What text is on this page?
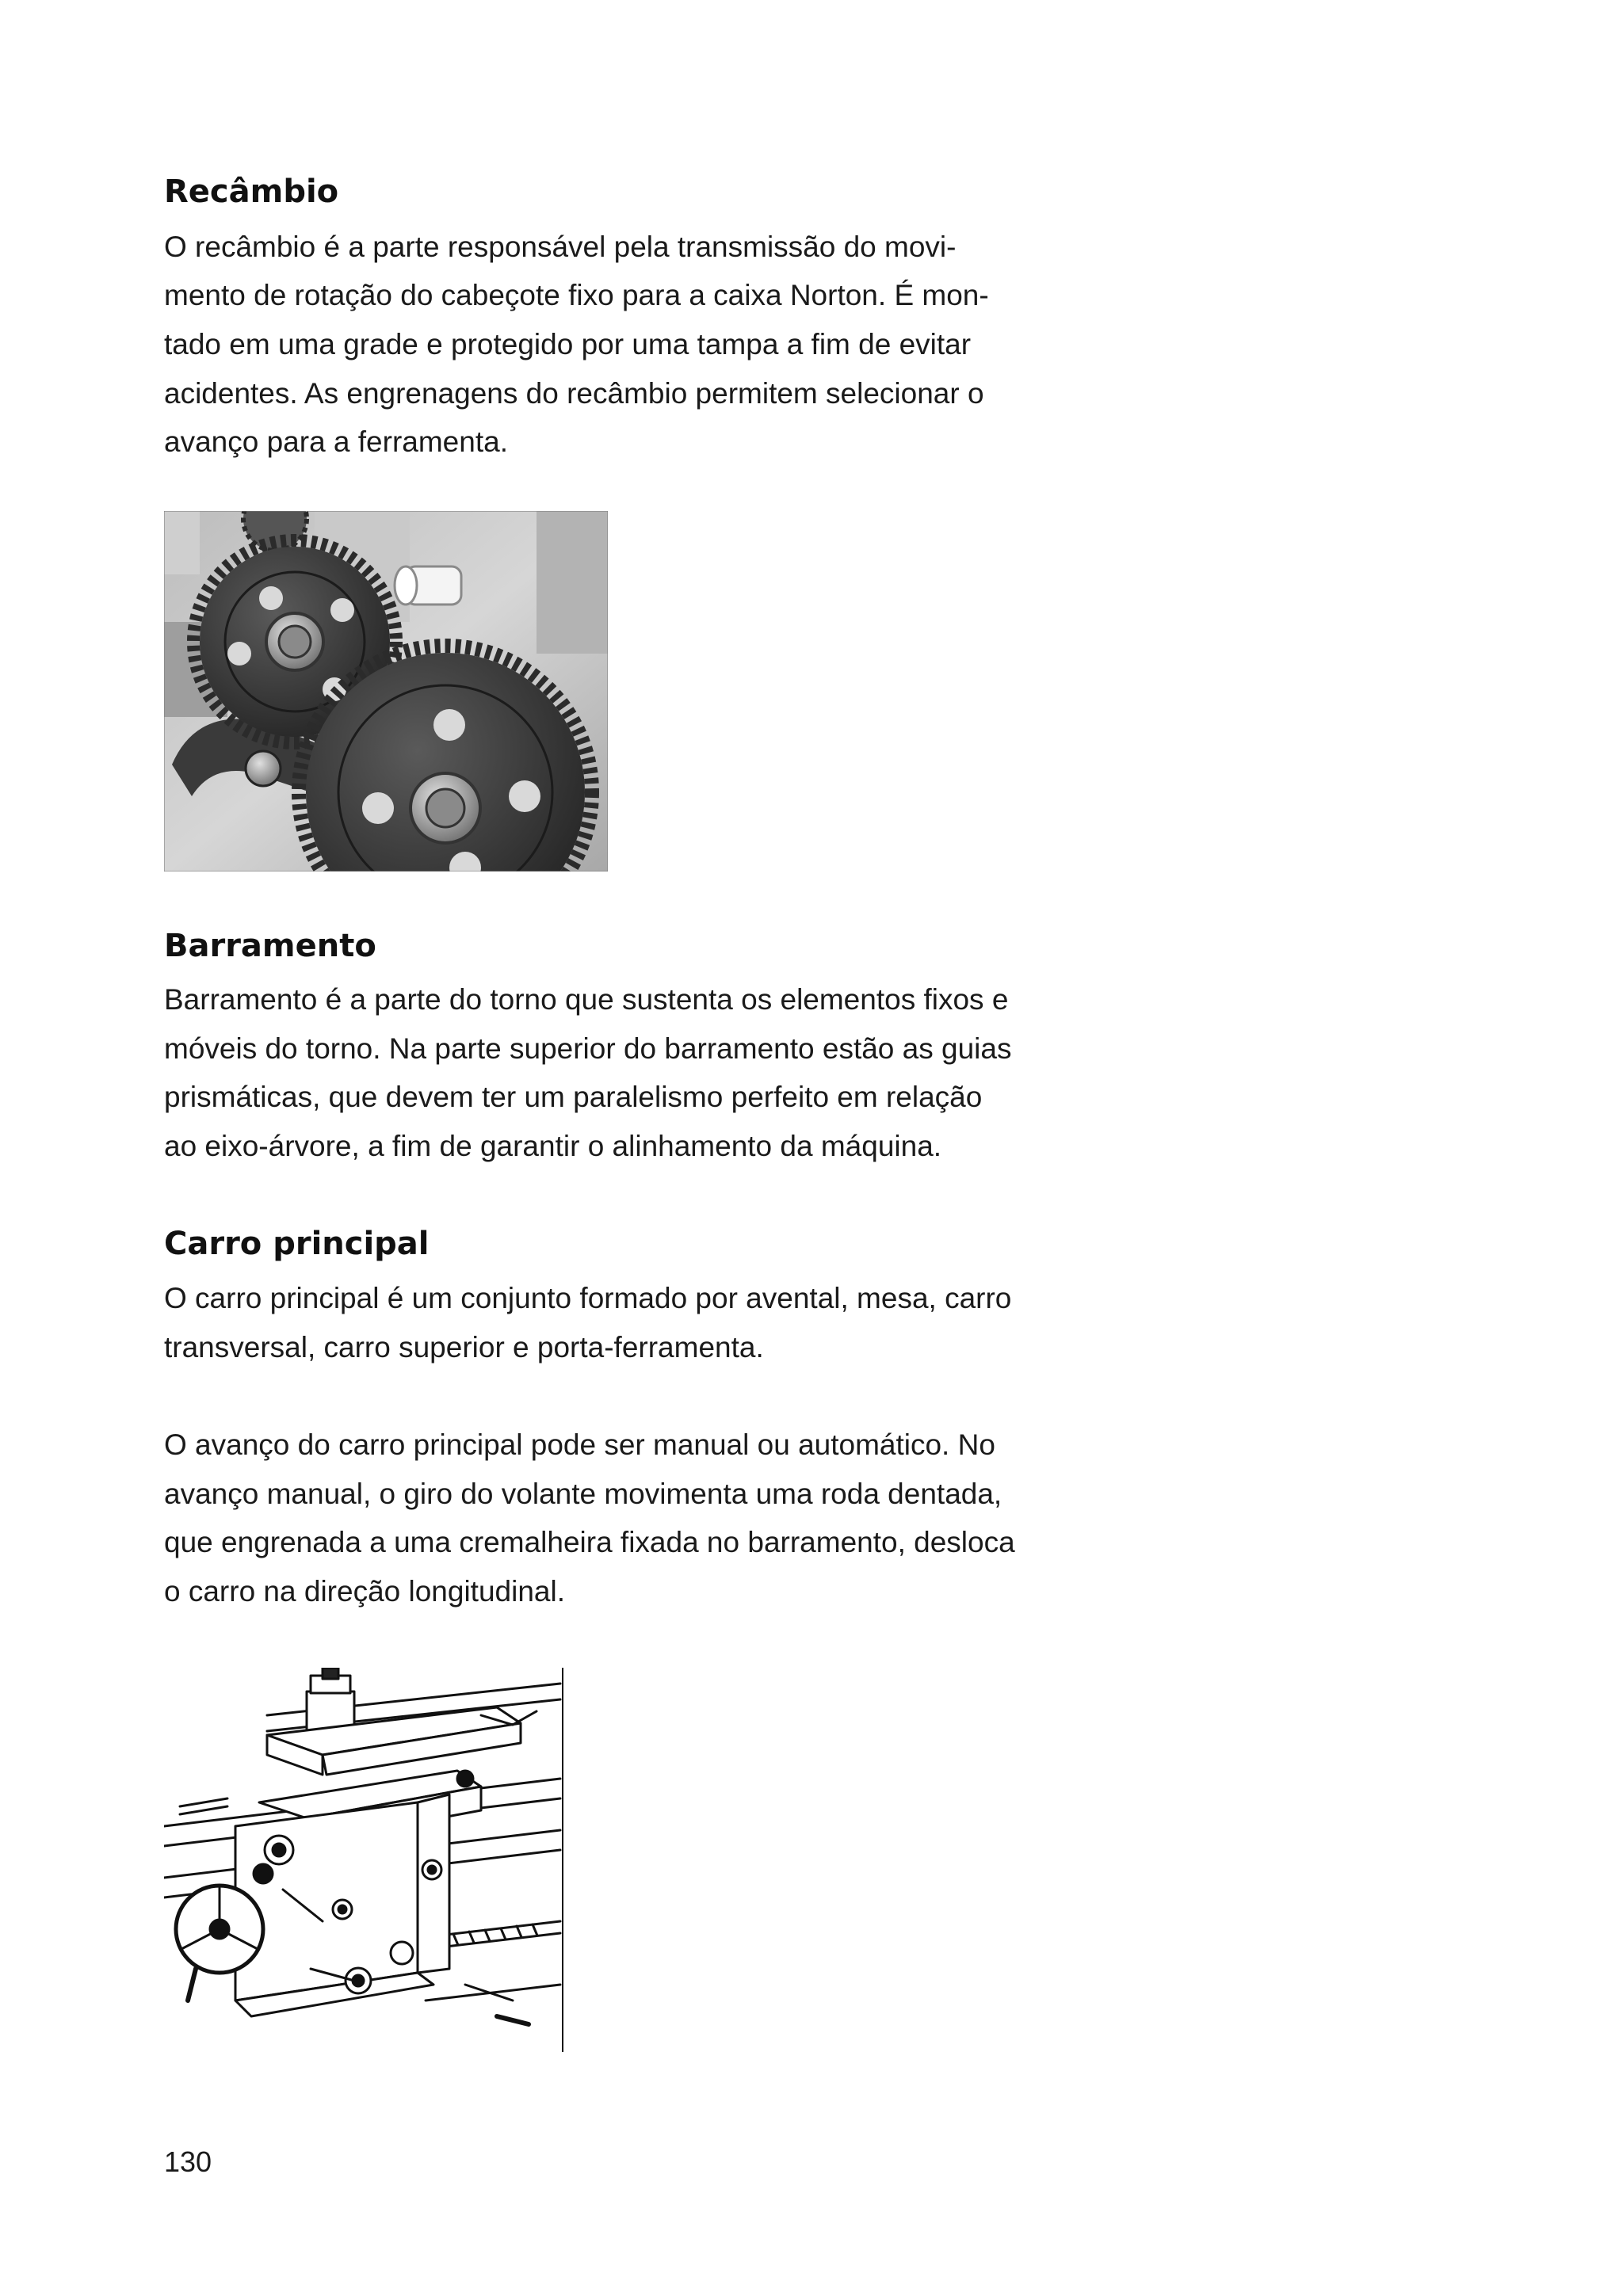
Recâmbio

O recâmbio é a parte responsável pela transmissão do movi-

mento de rotação do cabeçote fixo para a caixa Norton. É mon-

tado em uma grade e protegido por uma tampa a fim de evitar

acidentes. As engrenagens do recâmbio permitem selecionar o

avanço para a ferramenta.

Barramento

Barramento é a parte do torno que sustenta os elementos fixos e

móveis do torno. Na parte superior do barramento estão as guias

prismáticas, que devem ter um paralelismo perfeito em relação

ao eixo-árvore, a fim de garantir o alinhamento da máquina.

Carro principal

O carro principal é um conjunto formado por avental, mesa, carro

transversal, carro superior e porta-ferramenta.

O avanço do carro principal pode ser manual ou automático. No

avanço manual, o giro do volante movimenta uma roda dentada,

que engrenada a uma cremalheira fixada no barramento, desloca

o carro na direção longitudinal.

130
